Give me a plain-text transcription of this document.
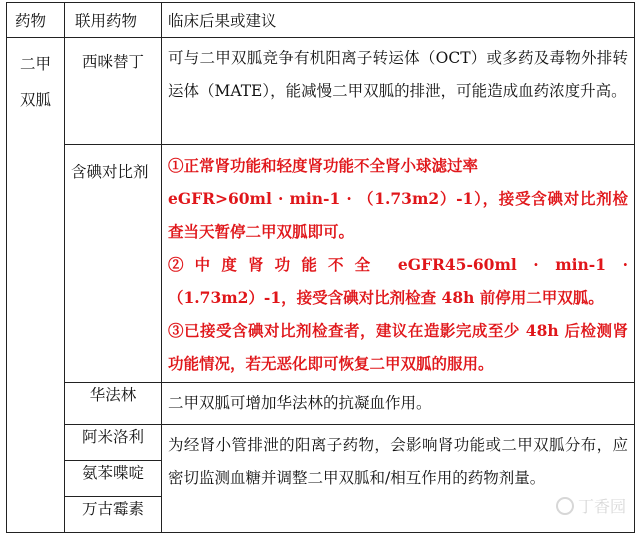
药物	联用药物	临床后果或建议

二甲
双胍	西咪替丁	可与二甲双胍竞争有机阳离子转运体（OCT）或多药及毒物外排转运体（MATE），能减慢二甲双胍的排泄，可能造成血药浓度升高。

	含碘对比剂	①正常肾功能和轻度肾功能不全肾小球滤过率

eGFR>60ml · min-1 · （1.73m2）-1），接受含碘对比剂检查当天暂停二甲双胍即可。

②中度肾功能不全 eGFR45-60ml · min-1 · （1.73m2）-1，接受含碘对比剂检查 48h 前停用二甲双胍。

③已接受含碘对比剂检查者，建议在造影完成至少 48h 后检测肾功能情况，若无恶化即可恢复二甲双胍的服用。

	华法林	二甲双胍可增加华法林的抗凝血作用。

	阿米洛利	为经肾小管排泄的阳离子药物，会影响肾功能或二甲双胍分布，应密切监测血糖并调整二甲双胍和/相互作用的药物剂量。

	氨苯喋啶	
	万古霉素		丁香园
